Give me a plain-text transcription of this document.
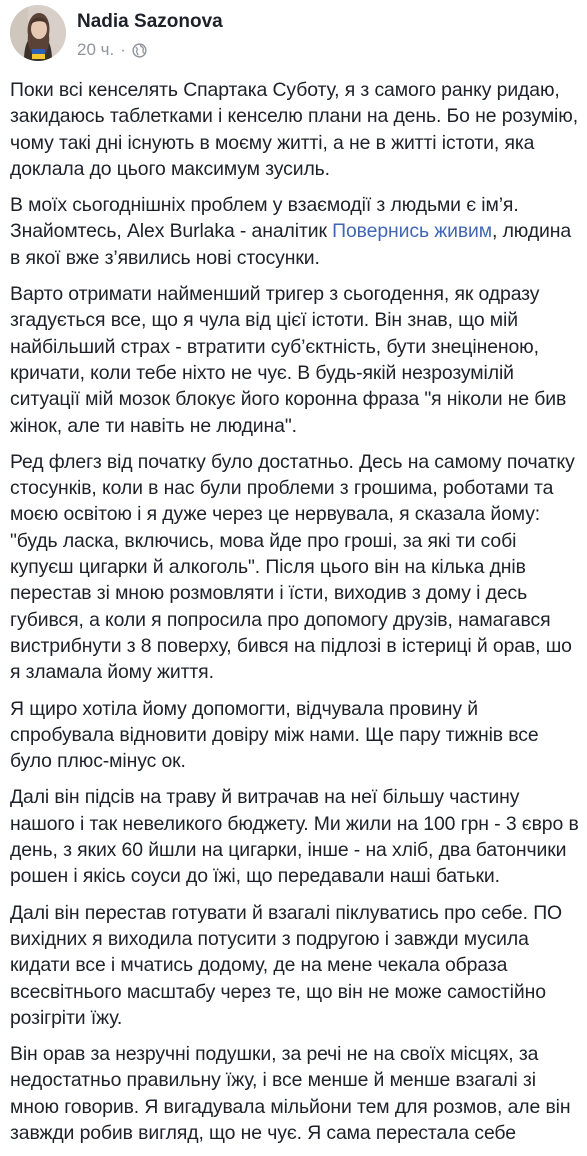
Nadia Sazonova
20 ч. ·

Поки всі кенселять Спартака Суботу, я з самого ранку ридаю, закидаюсь таблетками і кенселю плани на день. Бо не розумію, чому такі дні існують в моєму житті, а не в житті істоти, яка доклала до цього максимум зусиль.

В моїх сьогоднішніх проблем у взаємодії з людьми є ім’я. Знайомтесь, Alex Burlaka - аналітик Повернись живим, людина в якої вже з’явились нові стосунки.

Варто отримати найменший тригер з сьогодення, як одразу згадується все, що я чула від цієї істоти. Він знав, що мій найбільший страх - втратити суб’єктність, бути знеціненою, кричати, коли тебе ніхто не чує. В будь-якій незрозумілій ситуації мій мозок блокує його коронна фраза "я ніколи не бив жінок, але ти навіть не людина".

Ред флегз від початку було достатньо. Десь на самому початку стосунків, коли в нас були проблеми з грошима, роботами та моєю освітою і я дуже через це нервувала, я сказала йому: "будь ласка, включись, мова йде про гроші, за які ти собі купуєш цигарки й алкоголь". Після цього він на кілька днів перестав зі мною розмовляти і їсти, виходив з дому і десь губився, а коли я попросила про допомогу друзів, намагався вистрибнути з 8 поверху, бився на підлозі в істериці й орав, шо я зламала йому життя.

Я щиро хотіла йому допомогти, відчувала провину й спробувала відновити довіру між нами. Ще пару тижнів все було плюс-мінус ок.

Далі він підсів на траву й витрачав на неї більшу частину нашого і так невеликого бюджету. Ми жили на 100 грн - 3 євро в день, з яких 60 йшли на цигарки, інше - на хліб, два батончики рошен і якісь соуси до їжі, що передавали наші батьки.

Далі він перестав готувати й взагалі піклуватись про себе. ПО вихідних я виходила потусити з подругою і завжди мусила кидати все і мчатись додому, де на мене чекала образа всесвітнього масштабу через те, що він не може самостійно розігріти їжу.

Він орав за незручні подушки, за речі не на своїх місцях, за недостатньо правильну їжу, і все менше й менше взагалі зі мною говорив. Я вигадувала мільйони тем для розмов, але він завжди робив вигляд, що не чує. Я сама перестала себе
